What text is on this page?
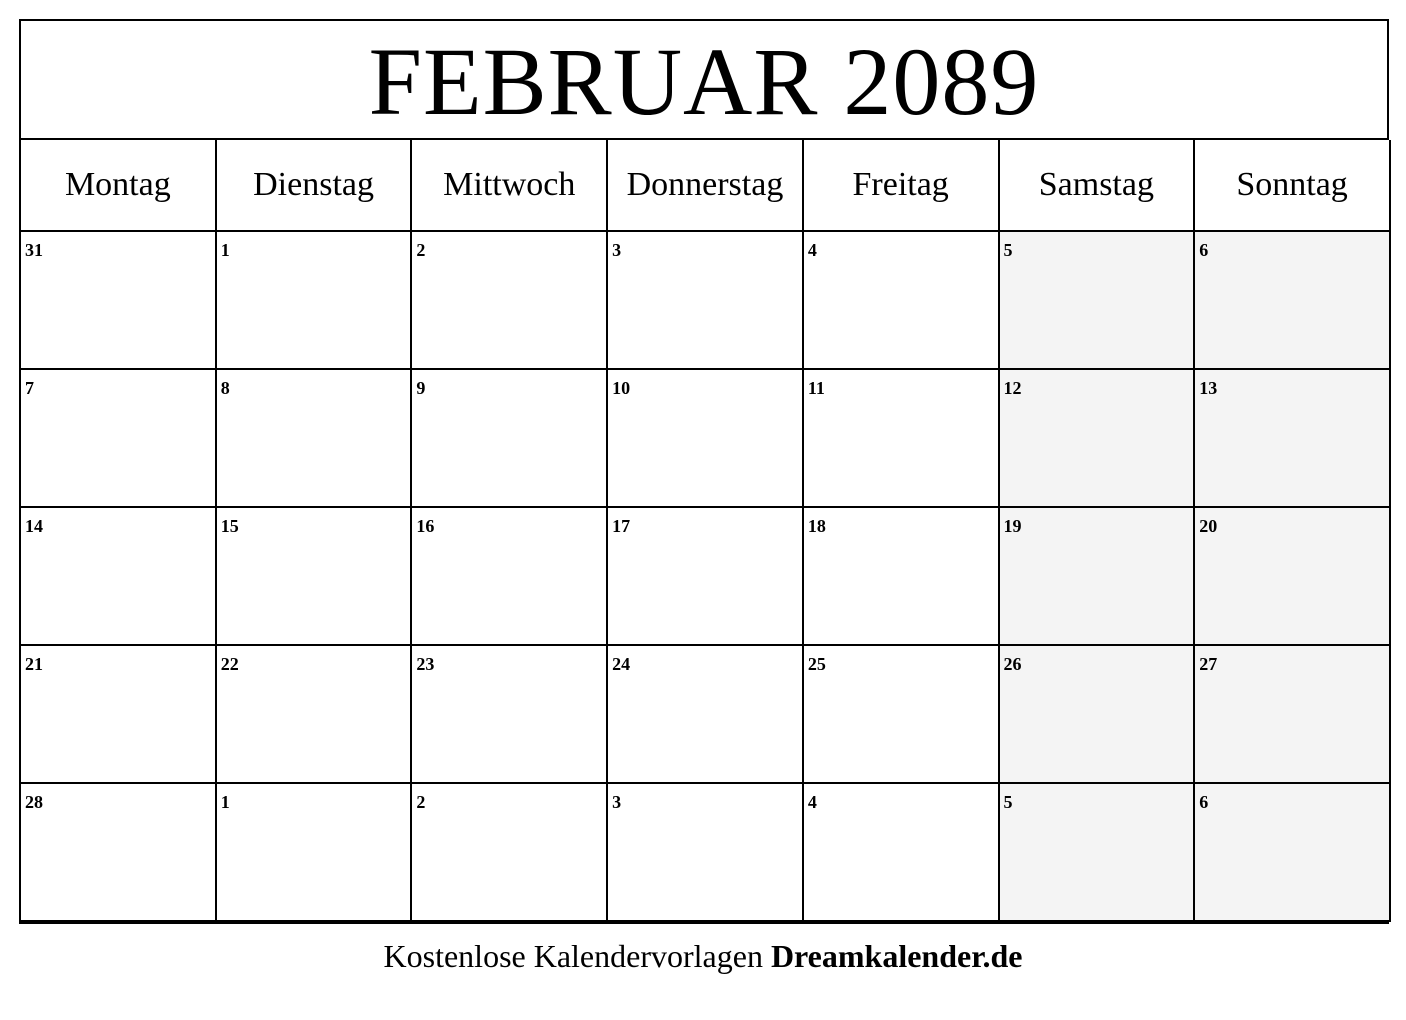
FEBRUAR 2089
Montag	Dienstag	Mittwoch	Donnerstag	Freitag	Samstag	Sonntag
31	1	2	3	4	5	6
7	8	9	10	11	12	13
14	15	16	17	18	19	20
21	22	23	24	25	26	27
28	1	2	3	4	5	6
Kostenlose Kalendervorlagen Dreamkalender.de
